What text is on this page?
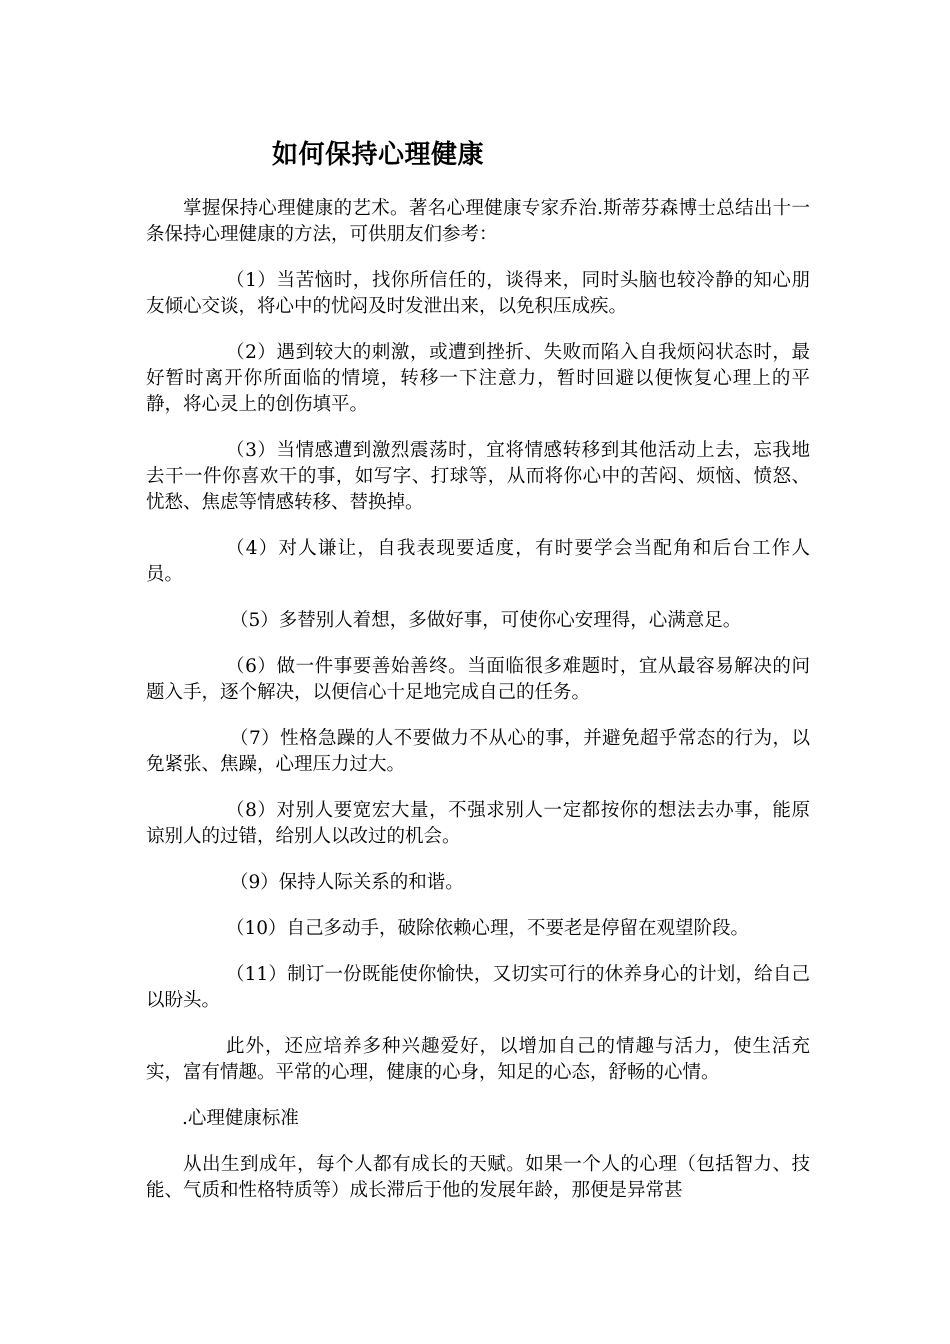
如何保持心理健康

掌握保持心理健康的艺术。著名心理健康专家乔治.斯蒂芬森博士总结出十一条保持心理健康的方法，可供朋友们参考：

（1）当苦恼时，找你所信任的，谈得来，同时头脑也较冷静的知心朋友倾心交谈，将心中的忧闷及时发泄出来，以免积压成疾。

（2）遇到较大的刺激，或遭到挫折、失败而陷入自我烦闷状态时，最好暂时离开你所面临的情境，转移一下注意力，暂时回避以便恢复心理上的平静，将心灵上的创伤填平。

（3）当情感遭到激烈震荡时，宜将情感转移到其他活动上去，忘我地去干一件你喜欢干的事，如写字、打球等，从而将你心中的苦闷、烦恼、愤怒、忧愁、焦虑等情感转移、替换掉。

（4）对人谦让，自我表现要适度，有时要学会当配角和后台工作人员。

（5）多替别人着想，多做好事，可使你心安理得，心满意足。

（6）做一件事要善始善终。当面临很多难题时，宜从最容易解决的问题入手，逐个解决，以便信心十足地完成自己的任务。

（7）性格急躁的人不要做力不从心的事，并避免超乎常态的行为，以免紧张、焦躁，心理压力过大。

（8）对别人要宽宏大量，不强求别人一定都按你的想法去办事，能原谅别人的过错，给别人以改过的机会。

（9）保持人际关系的和谐。

（10）自己多动手，破除依赖心理，不要老是停留在观望阶段。

（11）制订一份既能使你愉快，又切实可行的休养身心的计划，给自己以盼头。

此外，还应培养多种兴趣爱好，以增加自己的情趣与活力，使生活充实，富有情趣。平常的心理，健康的心身，知足的心态，舒畅的心情。

.心理健康标准

从出生到成年，每个人都有成长的天赋。如果一个人的心理（包括智力、技能、气质和性格特质等）成长滞后于他的发展年龄，那便是异常甚
